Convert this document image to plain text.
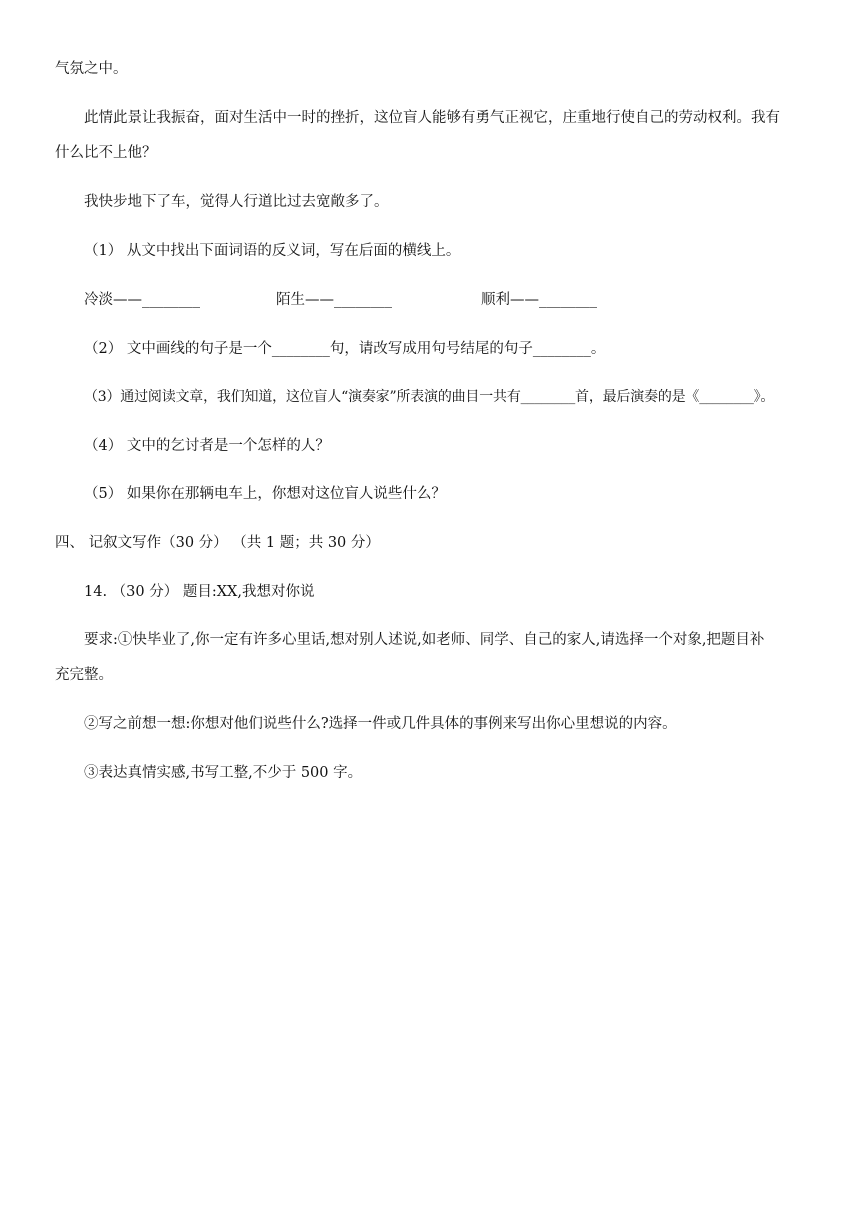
气氛之中。
此情此景让我振奋，面对生活中一时的挫折，这位盲人能够有勇气正视它，庄重地行使自己的劳动权利。我有
什么比不上他？
我快步地下了车，觉得人行道比过去宽敞多了。
（1） 从文中找出下面词语的反义词，写在后面的横线上。
冷淡——________	陌生——________	顺利——________
（2） 文中画线的句子是一个________句，请改写成用句号结尾的句子________。
（3）通过阅读文章，我们知道，这位盲人“演奏家”所表演的曲目一共有________首，最后演奏的是《________》。
（4） 文中的乞讨者是一个怎样的人？
（5） 如果你在那辆电车上，你想对这位盲人说些什么？
四、 记叙文写作（30 分） （共 1 题；共 30 分）
14. （30 分） 题目:XX,我想对你说
要求:①快毕业了,你一定有许多心里话,想对别人述说,如老师、同学、自己的家人,请选择一个对象,把题目补
充完整。
②写之前想一想:你想对他们说些什么?选择一件或几件具体的事例来写出你心里想说的内容。
③表达真情实感,书写工整,不少于 500 字。
